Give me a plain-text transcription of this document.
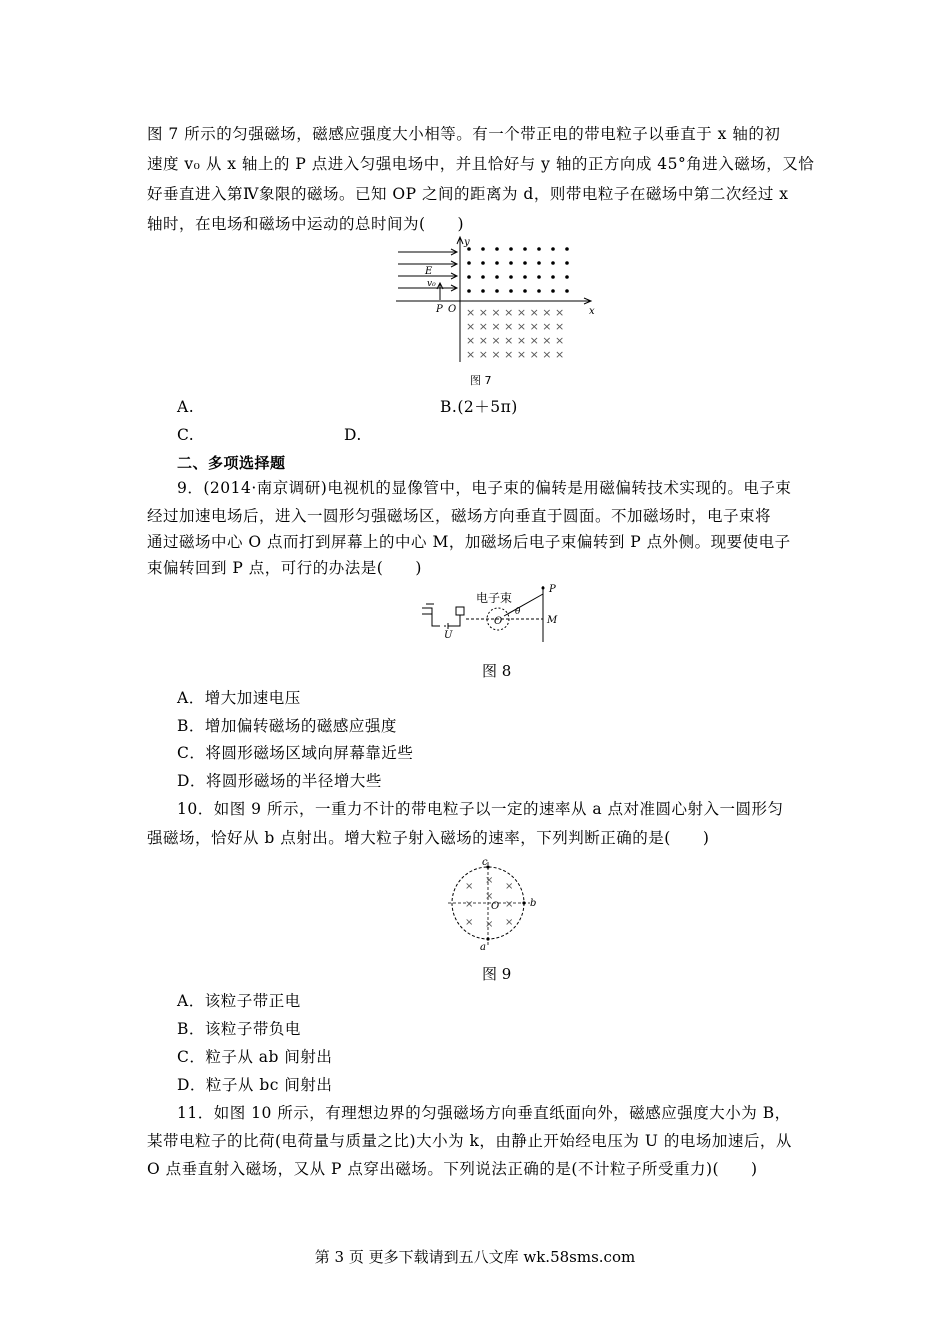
图 7 所示的匀强磁场，磁感应强度大小相等。有一个带正电的带电粒子以垂直于 x 轴的初
速度 v₀ 从 x 轴上的 P 点进入匀强电场中，并且恰好与 y 轴的正方向成 45°角进入磁场，又恰
好垂直进入第Ⅳ象限的磁场。已知 OP 之间的距离为 d，则带电粒子在磁场中第二次经过 x
轴时，在电场和磁场中运动的总时间为(　　)
× × × × × × × ×
× × × × × × × ×
× × × × × × × ×
× × × × × × × ×
y
x
E
v₀
P O
图 7
A.	B.(2＋5π)
C.	D.
二、多项选择题
9．(2014·南京调研)电视机的显像管中，电子束的偏转是用磁偏转技术实现的。电子束
经过加速电场后，进入一圆形匀强磁场区，磁场方向垂直于圆面。不加磁场时，电子束将
通过磁场中心 O 点而打到屏幕上的中心 M，加磁场后电子束偏转到 P 点外侧。现要使电子
束偏转回到 P 点，可行的办法是(　　)
电子束
U
O
θ
P
M
图 8
A．增大加速电压
B．增加偏转磁场的磁感应强度
C．将圆形磁场区域向屏幕靠近些
D．将圆形磁场的半径增大些
10．如图 9 所示，一重力不计的带电粒子以一定的速率从 a 点对准圆心射入一圆形匀
强磁场，恰好从 b 点射出。增大粒子射入磁场的速率，下列判断正确的是(　　)
×
×
×
×	×
× × ×
×
c
b
a
O
图 9
A．该粒子带正电
B．该粒子带负电
C．粒子从 ab 间射出
D．粒子从 bc 间射出
11．如图 10 所示，有理想边界的匀强磁场方向垂直纸面向外，磁感应强度大小为 B，
某带电粒子的比荷(电荷量与质量之比)大小为 k，由静止开始经电压为 U 的电场加速后，从
O 点垂直射入磁场，又从 P 点穿出磁场。下列说法正确的是(不计粒子所受重力)(　　)
第 3 页 更多下载请到五八文库 wk.58sms.com
